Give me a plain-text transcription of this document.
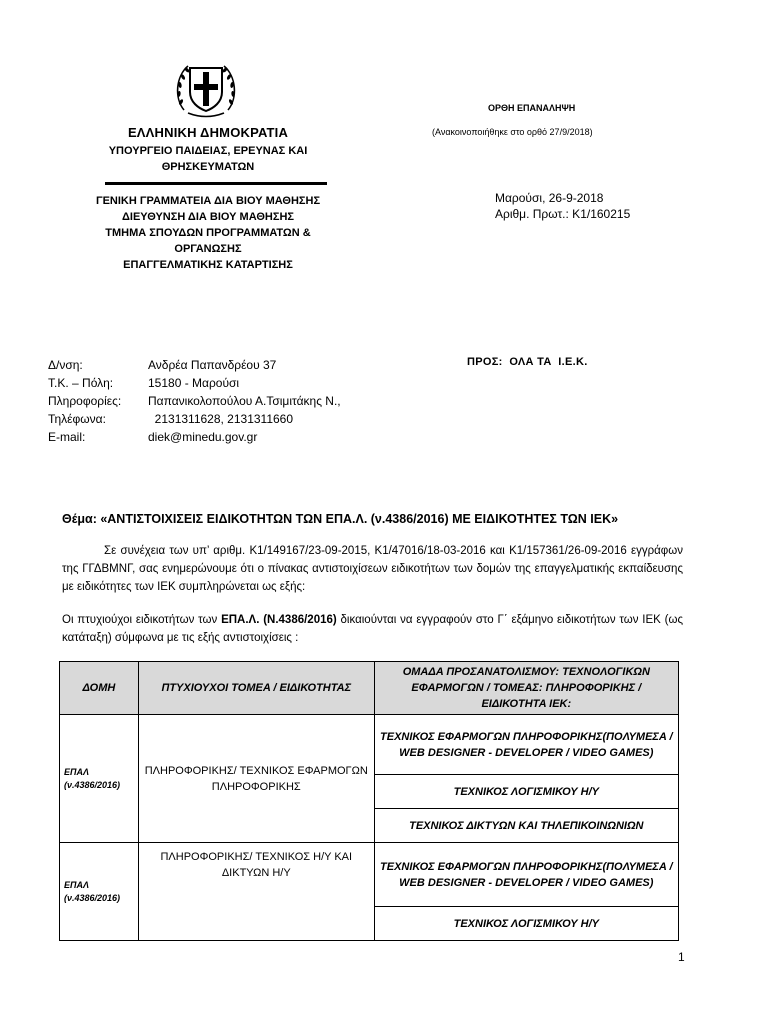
ΕΛΛΗΝΙΚΗ ΔΗΜΟΚΡΑΤΙΑ
ΥΠΟΥΡΓΕΙΟ ΠΑΙΔΕΙΑΣ, ΕΡΕΥΝΑΣ ΚΑΙ
ΘΡΗΣΚΕΥΜΑΤΩΝ
ΓΕΝΙΚΗ ΓΡΑΜΜΑΤΕΙΑ ΔΙΑ ΒΙΟΥ ΜΑΘΗΣΗΣ
ΔΙΕΥΘΥΝΣΗ ΔΙΑ ΒΙΟΥ ΜΑΘΗΣΗΣ
ΤΜΗΜΑ ΣΠΟΥΔΩΝ ΠΡΟΓΡΑΜΜΑΤΩΝ &
ΟΡΓΑΝΩΣΗΣ
ΕΠΑΓΓΕΛΜΑΤΙΚΗΣ ΚΑΤΑΡΤΙΣΗΣ
ΟΡΘΗ ΕΠΑΝΑΛΗΨΗ
(Ανακοινοποιήθηκε στο ορθό 27/9/2018)
Μαρούσι, 26-9-2018
Αριθμ. Πρωτ.: Κ1/160215
Δ/νση:	Ανδρέα Παπανδρέου 37
Τ.Κ. – Πόλη:	15180 - Μαρούσι
Πληροφορίες:	Παπανικολοπούλου Α.Τσιμιτάκης Ν.,
Τηλέφωνα:	2131311628, 2131311660
E-mail:	diek@minedu.gov.gr
ΠΡΟΣ:  ΟΛΑ ΤΑ  Ι.Ε.Κ.
Θέμα: «ΑΝΤΙΣΤΟΙΧΙΣΕΙΣ ΕΙΔΙΚΟΤΗΤΩΝ ΤΩΝ ΕΠΑ.Λ. (ν.4386/2016) ΜΕ ΕΙΔΙΚΟΤΗΤΕΣ ΤΩΝ ΙΕΚ»
Σε συνέχεια των υπ’ αριθμ. Κ1/149167/23-09-2015, Κ1/47016/18-03-2016 και Κ1/157361/26-09-2016 εγγράφων της ΓΓΔΒΜΝΓ, σας ενημερώνουμε ότι ο πίνακας αντιστοιχίσεων ειδικοτήτων των δομών της επαγγελματικής εκπαίδευσης με ειδικότητες των ΙΕΚ συμπληρώνεται ως εξής:
Οι πτυχιούχοι ειδικοτήτων των ΕΠΑ.Λ. (Ν.4386/2016) δικαιούνται να εγγραφούν στο Γ΄ εξάμηνο ειδικοτήτων των ΙΕΚ (ως κατάταξη) σύμφωνα με τις εξής αντιστοιχίσεις :
ΔΟΜΗ	ΠΤΥΧΙΟΥΧΟΙ ΤΟΜΕΑ / ΕΙΔΙΚΟΤΗΤΑΣ	ΟΜΑΔΑ ΠΡΟΣΑΝΑΤΟΛΙΣΜΟΥ: ΤΕΧΝΟΛΟΓΙΚΩΝ ΕΦΑΡΜΟΓΩΝ / ΤΟΜΕΑΣ: ΠΛΗΡΟΦΟΡΙΚΗΣ / ΕΙΔΙΚΟΤΗΤΑ ΙΕΚ:

ΕΠΑΛ
(ν.4386/2016)	ΠΛΗΡΟΦΟΡΙΚΗΣ/ ΤΕΧΝΙΚΟΣ ΕΦΑΡΜΟΓΩΝ ΠΛΗΡΟΦΟΡΙΚΗΣ	ΤΕΧΝΙΚΟΣ ΕΦΑΡΜΟΓΩΝ ΠΛΗΡΟΦΟΡΙΚΗΣ(ΠΟΛΥΜΕΣΑ / WEB DESIGNER - DEVELOPER / VIDEO GAMES)
		ΤΕΧΝΙΚΟΣ ΛΟΓΙΣΜΙΚΟΥ Η/Υ
		ΤΕΧΝΙΚΟΣ ΔΙΚΤΥΩΝ ΚΑΙ ΤΗΛΕΠΙΚΟΙΝΩΝΙΩΝ

ΕΠΑΛ
(ν.4386/2016)	ΠΛΗΡΟΦΟΡΙΚΗΣ/ ΤΕΧΝΙΚΟΣ Η/Υ ΚΑΙ ΔΙΚΤΥΩΝ Η/Υ	ΤΕΧΝΙΚΟΣ ΕΦΑΡΜΟΓΩΝ ΠΛΗΡΟΦΟΡΙΚΗΣ(ΠΟΛΥΜΕΣΑ / WEB DESIGNER - DEVELOPER / VIDEO GAMES)
		ΤΕΧΝΙΚΟΣ ΛΟΓΙΣΜΙΚΟΥ Η/Υ
1
